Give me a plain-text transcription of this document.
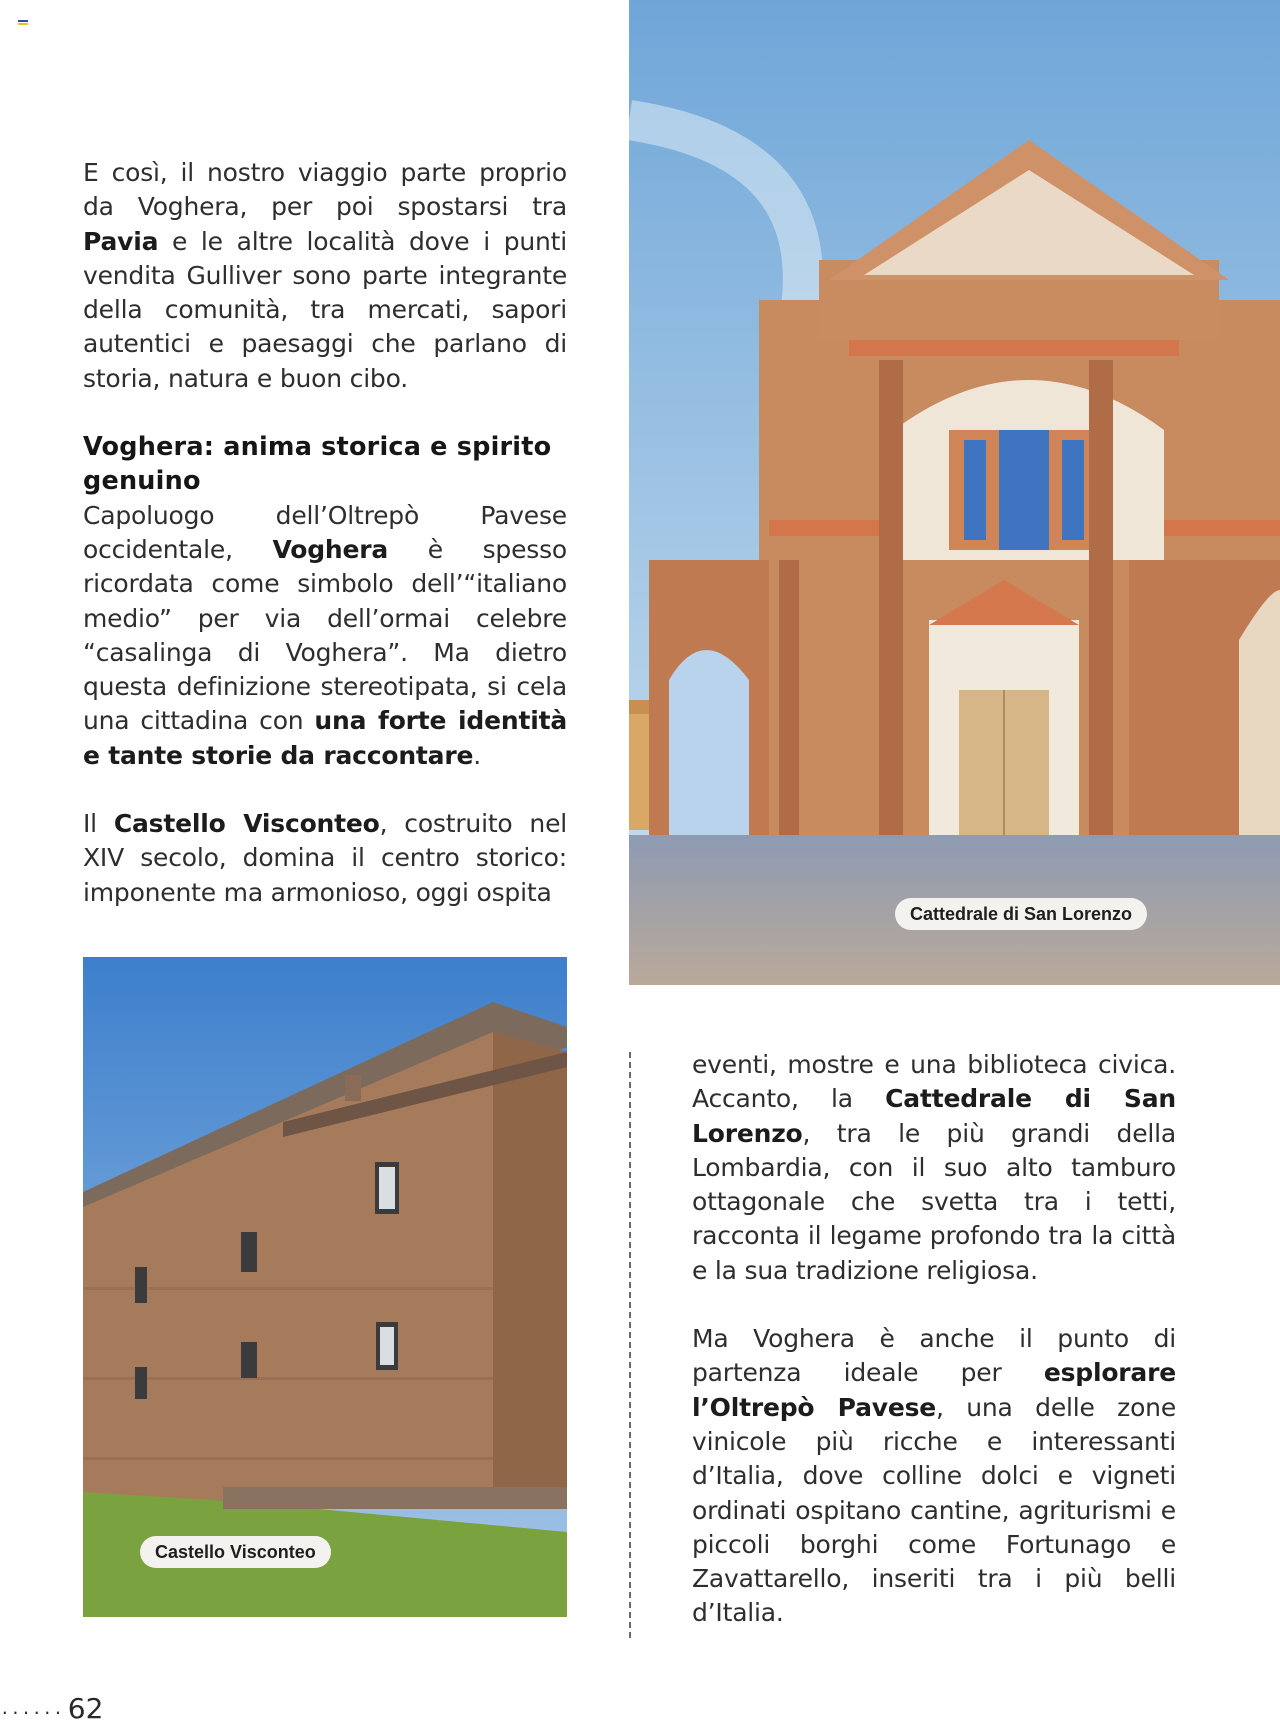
E così, il nostro viaggio parte proprio da Voghera, per poi spostarsi tra Pavia e le altre località dove i punti vendita Gulliver sono parte integrante della comunità, tra mercati, sapori autentici e paesaggi che parlano di storia, natura e buon cibo.

Voghera: anima storica e spirito genuino

Capoluogo dell’Oltrepò Pavese occidentale, Voghera è spesso ricordata come simbolo dell’“italiano medio” per via dell’ormai celebre “casalinga di Voghera”. Ma dietro questa definizione stereotipata, si cela una cittadina con una forte identità e tante storie da raccontare.

Il Castello Visconteo, costruito nel XIV secolo, domina il centro storico: imponente ma armonioso, oggi ospita

Cattedrale di San Lorenzo
Castello Visconteo

eventi, mostre e una biblioteca civica. Accanto, la Cattedrale di San Lorenzo, tra le più grandi della Lombardia, con il suo alto tamburo ottagonale che svetta tra i tetti, racconta il legame profondo tra la città e la sua tradizione religiosa.

Ma Voghera è anche il punto di partenza ideale per esplorare l’Oltrepò Pavese, una delle zone vinicole più ricche e interessanti d’Italia, dove colline dolci e vigneti ordinati ospitano cantine, agriturismi e piccoli borghi come Fortunago e Zavattarello, inseriti tra i più belli d’Italia.

...... 62
